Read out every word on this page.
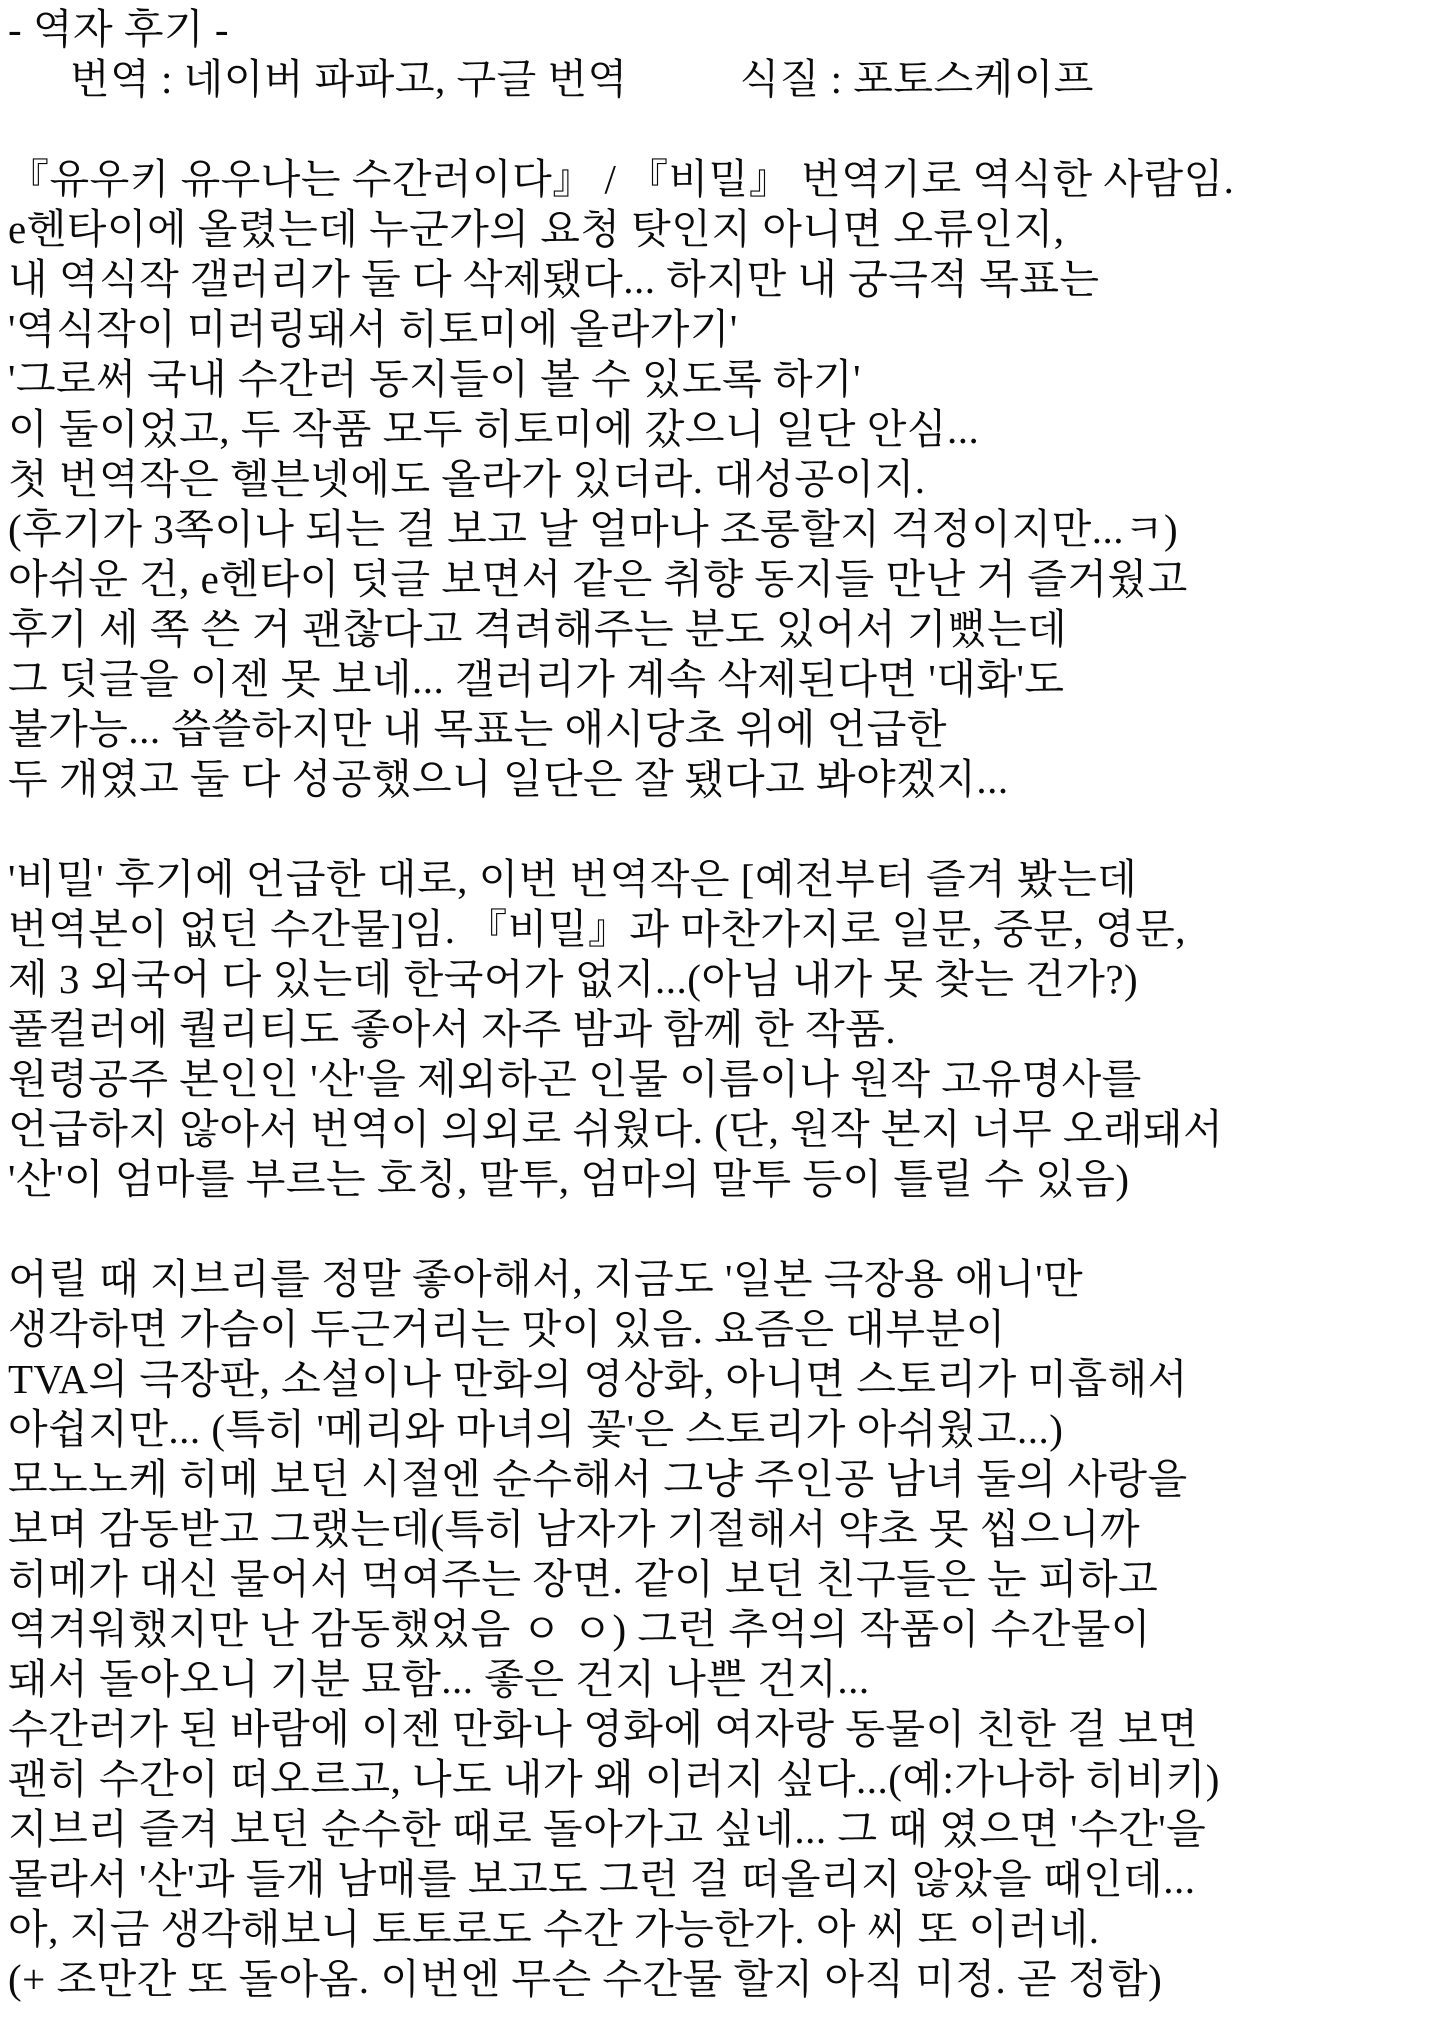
- 역자 후기 -
번역 : 네이버 파파고, 구글 번역	식질 : 포토스케이프
『유우키 유우나는 수간러이다』 / 『비밀』 번역기로 역식한 사람임.
e헨타이에 올렸는데 누군가의 요청 탓인지 아니면 오류인지,
내 역식작 갤러리가 둘 다 삭제됐다... 하지만 내 궁극적 목표는
'역식작이 미러링돼서 히토미에 올라가기'
'그로써 국내 수간러 동지들이 볼 수 있도록 하기'
이 둘이었고, 두 작품 모두 히토미에 갔으니 일단 안심...
첫 번역작은 헬븐넷에도 올라가 있더라. 대성공이지.
(후기가 3쪽이나 되는 걸 보고 날 얼마나 조롱할지 걱정이지만...ㅋ)
아쉬운 건, e헨타이 덧글 보면서 같은 취향 동지들 만난 거 즐거웠고
후기 세 쪽 쓴 거 괜찮다고 격려해주는 분도 있어서 기뻤는데
그 덧글을 이젠 못 보네... 갤러리가 계속 삭제된다면 '대화'도
불가능... 씁쓸하지만 내 목표는 애시당초 위에 언급한
두 개였고 둘 다 성공했으니 일단은 잘 됐다고 봐야겠지...
'비밀' 후기에 언급한 대로, 이번 번역작은 [예전부터 즐겨 봤는데
번역본이 없던 수간물]임. 『비밀』과 마찬가지로 일문, 중문, 영문,
제 3 외국어 다 있는데 한국어가 없지...(아님 내가 못 찾는 건가?)
풀컬러에 퀄리티도 좋아서 자주 밤과 함께 한 작품.
원령공주 본인인 '산'을 제외하곤 인물 이름이나 원작 고유명사를
언급하지 않아서 번역이 의외로 쉬웠다. (단, 원작 본지 너무 오래돼서
'산'이 엄마를 부르는 호칭, 말투, 엄마의 말투 등이 틀릴 수 있음)
어릴 때 지브리를 정말 좋아해서, 지금도 '일본 극장용 애니'만
생각하면 가슴이 두근거리는 맛이 있음. 요즘은 대부분이
TVA의 극장판, 소설이나 만화의 영상화, 아니면 스토리가 미흡해서
아쉽지만... (특히 '메리와 마녀의 꽃'은 스토리가 아쉬웠고...)
모노노케 히메 보던 시절엔 순수해서 그냥 주인공 남녀 둘의 사랑을
보며 감동받고 그랬는데(특히 남자가 기절해서 약초 못 씹으니까
히메가 대신 물어서 먹여주는 장면. 같이 보던 친구들은 눈 피하고
역겨워했지만 난 감동했었음 ㅇ ㅇ) 그런 추억의 작품이 수간물이
돼서 돌아오니 기분 묘함... 좋은 건지 나쁜 건지...
수간러가 된 바람에 이젠 만화나 영화에 여자랑 동물이 친한 걸 보면
괜히 수간이 떠오르고, 나도 내가 왜 이러지 싶다...(예:가나하 히비키)
지브리 즐겨 보던 순수한 때로 돌아가고 싶네... 그 때 였으면 '수간'을
몰라서 '산'과 들개 남매를 보고도 그런 걸 떠올리지 않았을 때인데...
아, 지금 생각해보니 토토로도 수간 가능한가. 아 씨 또 이러네.
(+ 조만간 또 돌아옴. 이번엔 무슨 수간물 할지 아직 미정. 곧 정함)
